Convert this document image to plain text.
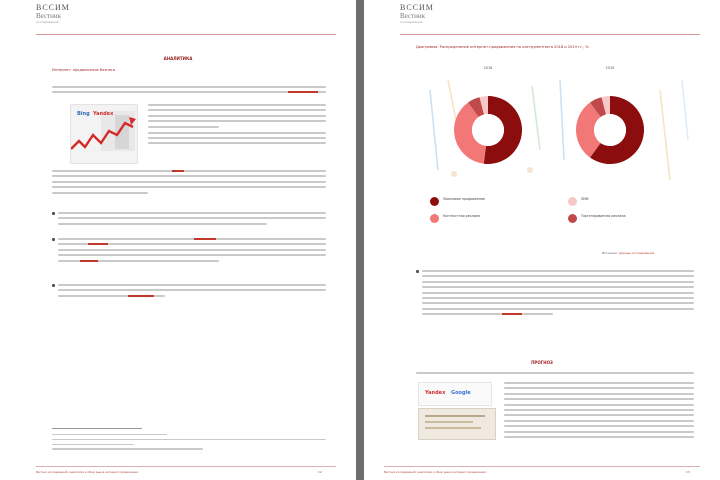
ВССИМ
Вестник
исследований
АНАЛИТИКА
Интернет: продвижение бизнеса
Bing Yandex
Вестник исследований: Аналитика и обзор рынка интернет-продвижения	12
ВССИМ
Вестник
исследований
Диаграмма: Распределение интернет-продвижения по инструментам в 2018 и 2019 гг., %
2018	2019
Поисковое продвижение	SMM
Контекстная реклама	Таргетированная реклама
Источник: данные исследования
ПРОГНОЗ
Yandex Google
Вестник исследований: Аналитика и обзор рынка интернет-продвижения	13
